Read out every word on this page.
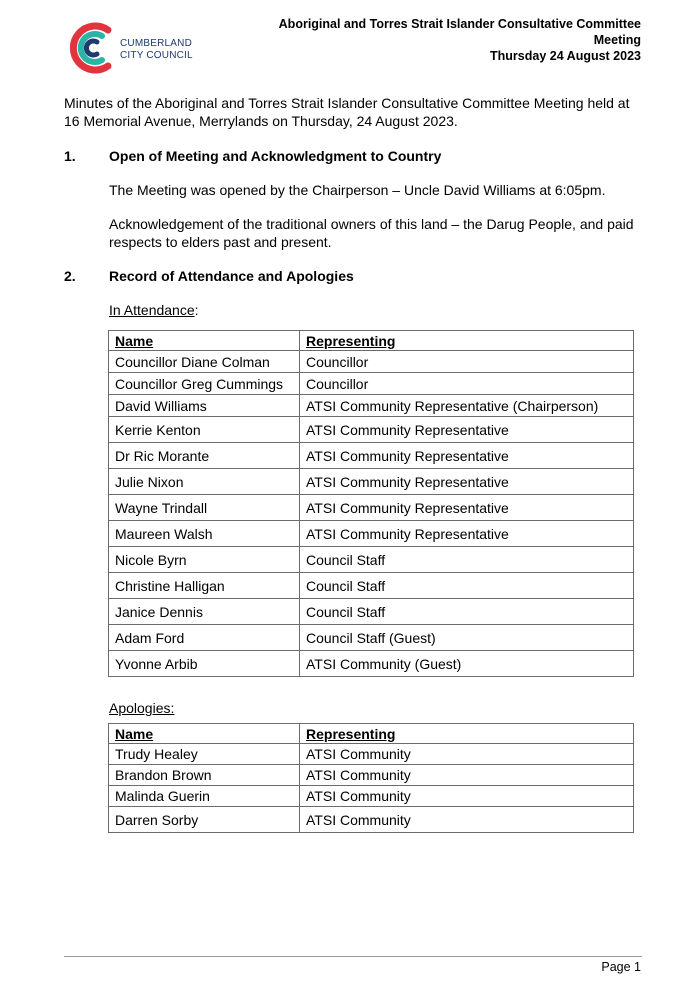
CUMBERLAND
CITY COUNCIL
Aboriginal and Torres Strait Islander Consultative Committee
Meeting
Thursday 24 August 2023
Minutes of the Aboriginal and Torres Strait Islander Consultative Committee Meeting held at 16 Memorial Avenue, Merrylands on Thursday, 24 August 2023.
1. Open of Meeting and Acknowledgment to Country
The Meeting was opened by the Chairperson – Uncle David Williams at 6:05pm.
Acknowledgement of the traditional owners of this land – the Darug People, and paid respects to elders past and present.
2. Record of Attendance and Apologies
In Attendance:
Name	Representing
Councillor Diane Colman	Councillor
Councillor Greg Cummings	Councillor
David Williams	ATSI Community Representative (Chairperson)
Kerrie Kenton	ATSI Community Representative
Dr Ric Morante	ATSI Community Representative
Julie Nixon	ATSI Community Representative
Wayne Trindall	ATSI Community Representative
Maureen Walsh	ATSI Community Representative
Nicole Byrn	Council Staff
Christine Halligan	Council Staff
Janice Dennis	Council Staff
Adam Ford	Council Staff (Guest)
Yvonne Arbib	ATSI Community (Guest)
Apologies:
Name	Representing
Trudy Healey	ATSI Community
Brandon Brown	ATSI Community
Malinda Guerin	ATSI Community
Darren Sorby	ATSI Community
Page 1
